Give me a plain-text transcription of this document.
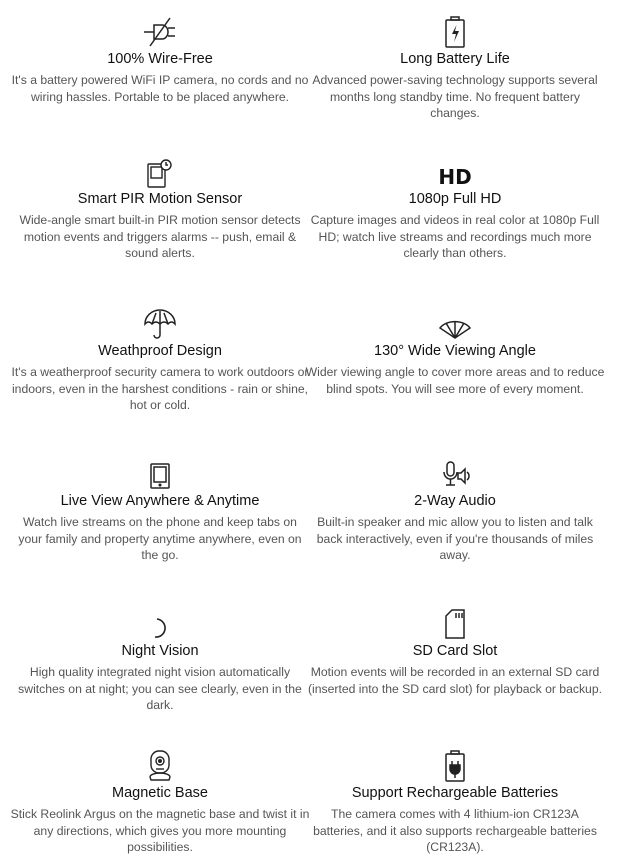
100% Wire-Free

It's a battery powered WiFi IP camera, no cords and no wiring hassles. Portable to be placed anywhere.

Long Battery Life

Advanced power-saving technology supports several months long standby time. No frequent battery changes.

Smart PIR Motion Sensor

Wide-angle smart built-in PIR motion sensor detects motion events and triggers alarms -- push, email & sound alerts.

HD
1080p Full HD

Capture images and videos in real color at 1080p Full HD; watch live streams and recordings much more clearly than others.

Weathproof Design

It's a weatherproof security camera to work outdoors or indoors, even in the harshest conditions - rain or shine, hot or cold.

130° Wide Viewing Angle

Wider viewing angle to cover more areas and to reduce blind spots. You will see more of every moment.

Live View Anywhere & Anytime

Watch live streams on the phone and keep tabs on your family and property anytime anywhere, even on the go.

2-Way Audio

Built-in speaker and mic allow you to listen and talk back interactively, even if you're thousands of miles away.

Night Vision

High quality integrated night vision automatically switches on at night; you can see clearly, even in the dark.

SD Card Slot

Motion events will be recorded in an external SD card (inserted into the SD card slot) for playback or backup.

Magnetic Base

Stick Reolink Argus on the magnetic base and twist it in any directions, which gives you more mounting possibilities.

Support Rechargeable Batteries

The camera comes with 4 lithium-ion CR123A batteries, and it also supports rechargeable batteries (CR123A).
